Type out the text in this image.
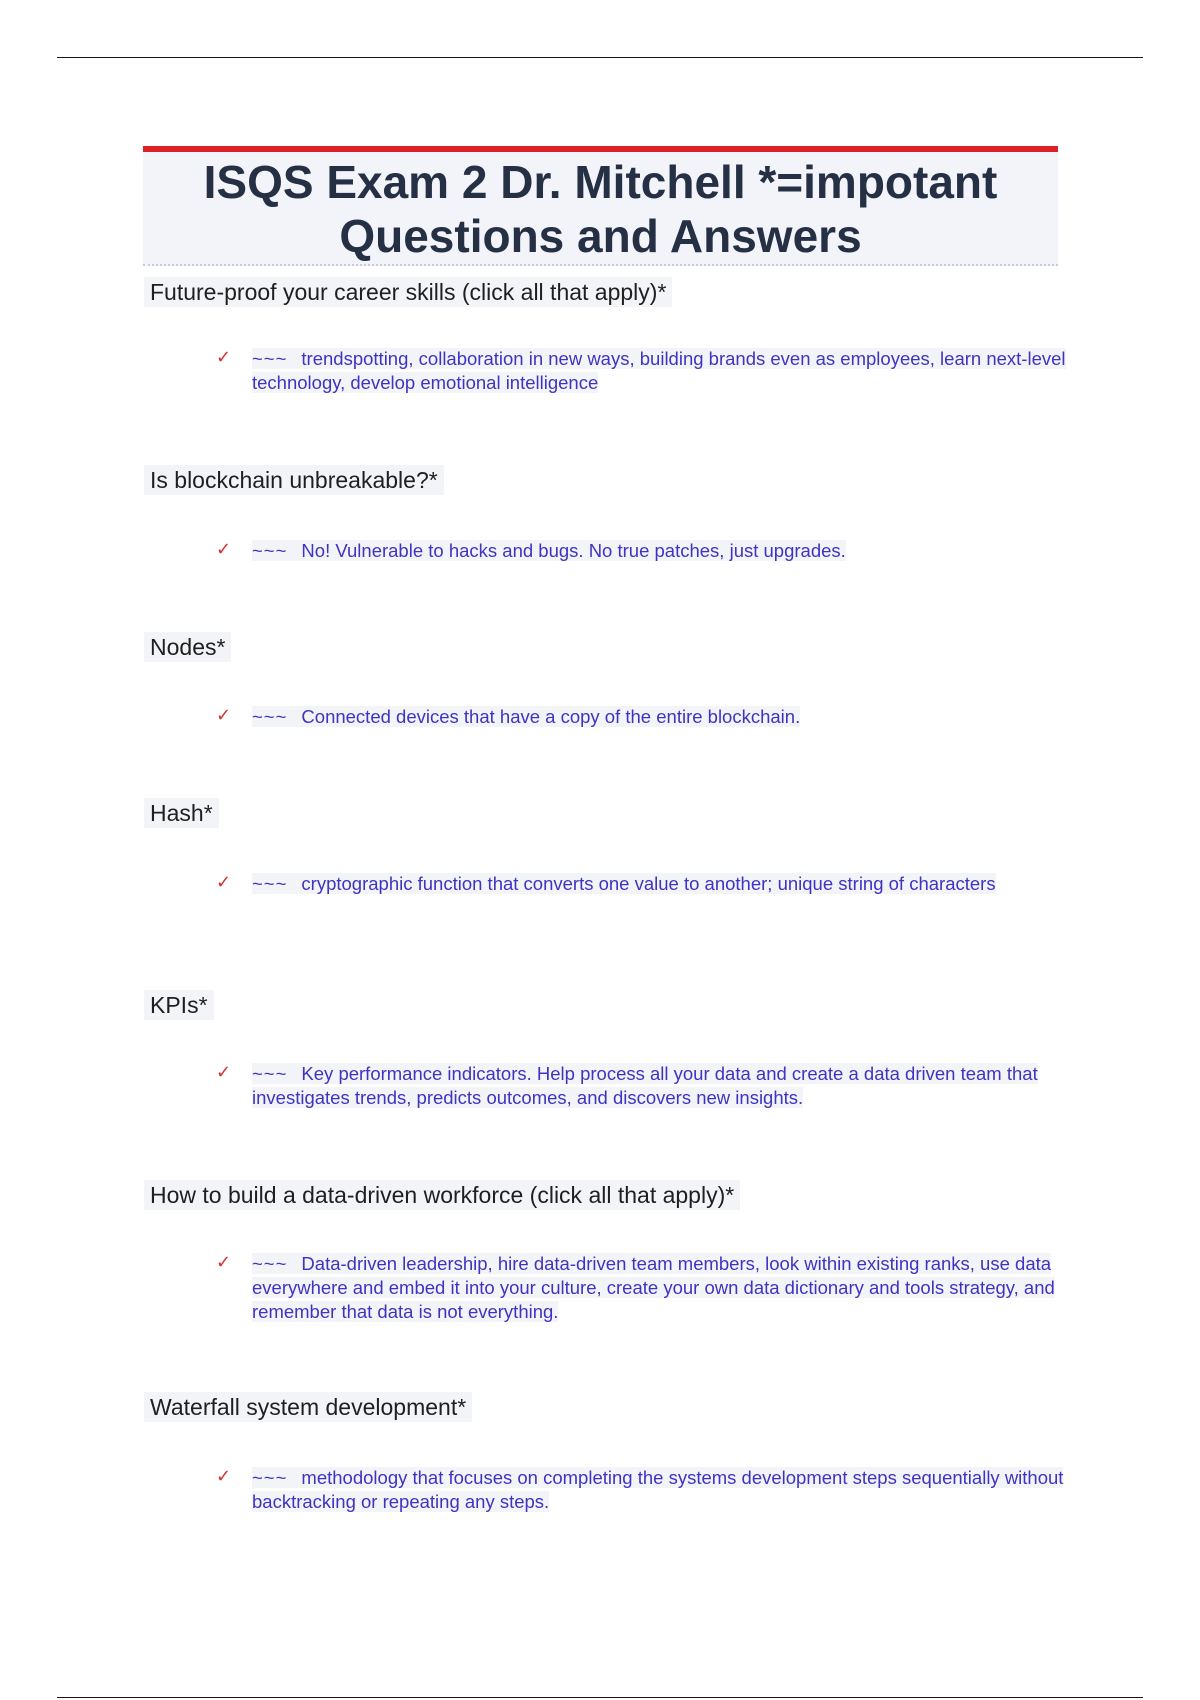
ISQS Exam 2 Dr. Mitchell *=impotant
Questions and Answers
Future-proof your career skills (click all that apply)*
✓ ~~~ trendspotting, collaboration in new ways, building brands even as employees, learn next-level technology, develop emotional intelligence
Is blockchain unbreakable?*
✓ ~~~ No! Vulnerable to hacks and bugs. No true patches, just upgrades.
Nodes*
✓ ~~~ Connected devices that have a copy of the entire blockchain.
Hash*
✓ ~~~ cryptographic function that converts one value to another; unique string of characters
KPIs*
✓ ~~~ Key performance indicators. Help process all your data and create a data driven team that investigates trends, predicts outcomes, and discovers new insights.
How to build a data-driven workforce (click all that apply)*
✓ ~~~ Data-driven leadership, hire data-driven team members, look within existing ranks, use data everywhere and embed it into your culture, create your own data dictionary and tools strategy, and remember that data is not everything.
Waterfall system development*
✓ ~~~ methodology that focuses on completing the systems development steps sequentially without backtracking or repeating any steps.
